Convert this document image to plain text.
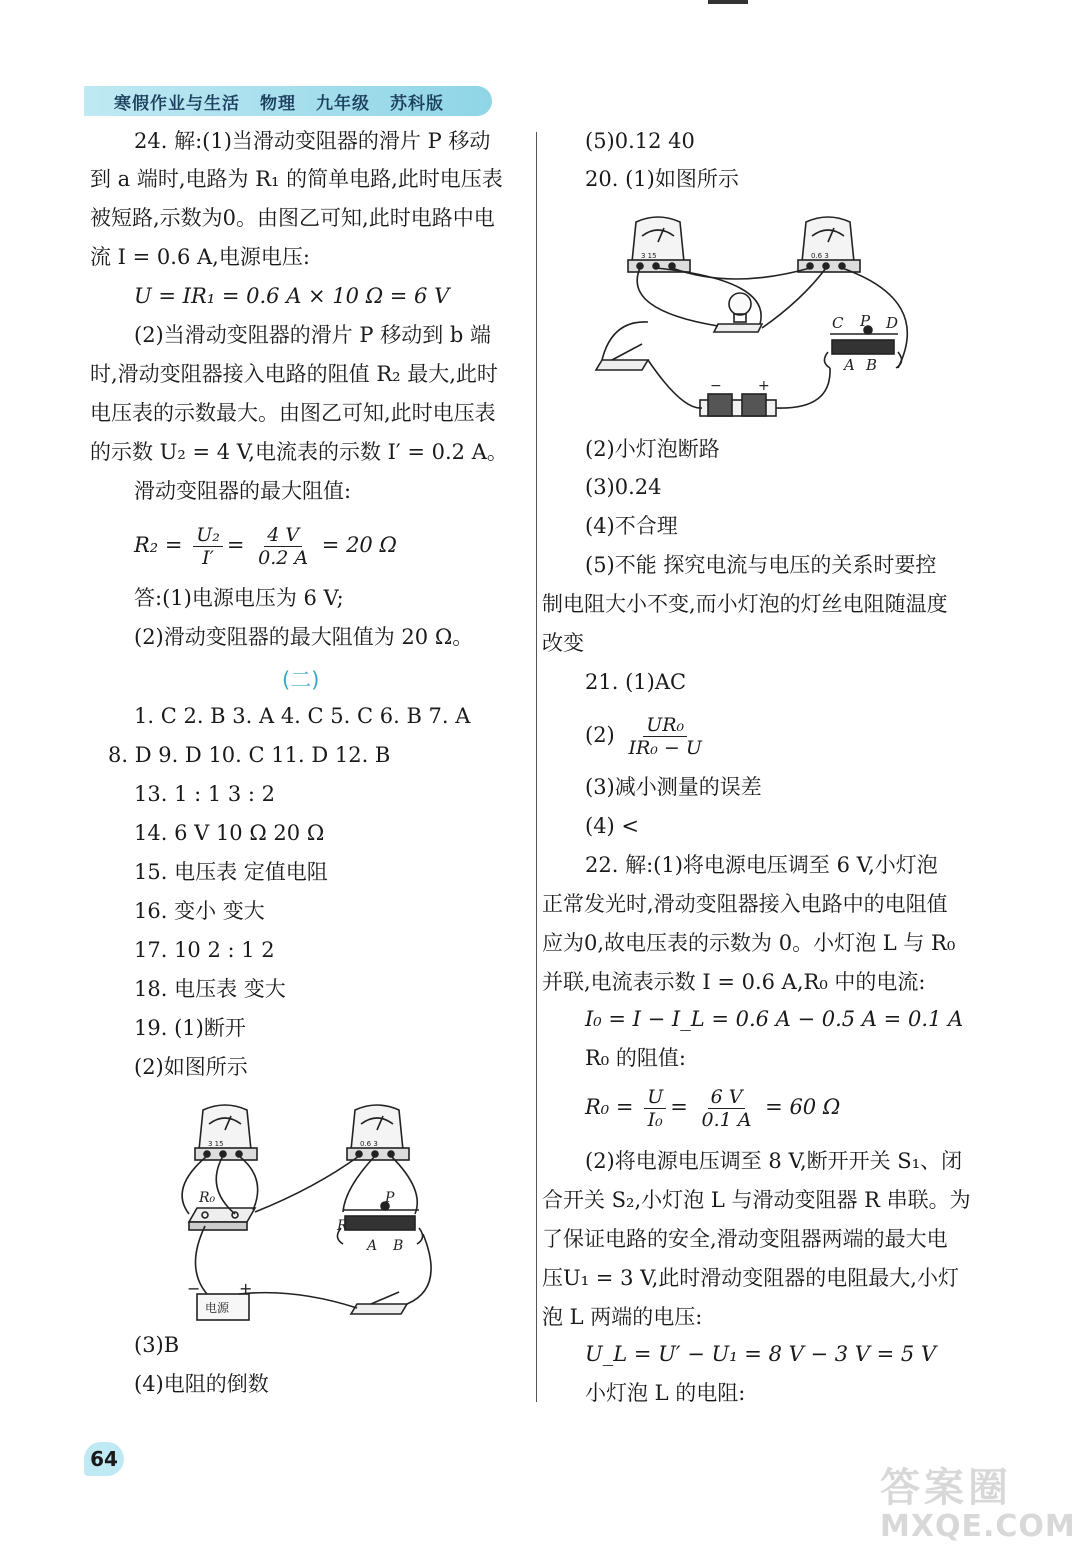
寒假作业与生活 物理 九年级 苏科版
24. 解:(1)当滑动变阻器的滑片 P 移动
到 a 端时,电路为 R₁ 的简单电路,此时电压表
被短路,示数为0。由图乙可知,此时电路中电
流 I = 0.6 A,电源电压:
U = IR₁ = 0.6 A × 10 Ω = 6 V
(2)当滑动变阻器的滑片 P 移动到 b 端
时,滑动变阻器接入电路的阻值 R₂ 最大,此时
电压表的示数最大。由图乙可知,此时电压表
的示数 U₂ = 4 V,电流表的示数 I′ = 0.2 A。
滑动变阻器的最大阻值:
$R_2 = \frac{\text{U₂}}{I'} = \frac{4 V}{0.2 A} = 20$ Ω
答:(1)电源电压为 6 V;
(2)滑动变阻器的最大阻值为 20 Ω。
(二)
1. C 2. B 3. A 4. C 5. C 6. B 7. A
8. D 9. D 10. C 11. D 12. B
13. 1 : 1 3 : 2
14. 6 V 10 Ω 20 Ω
15. 电压表 定值电阻
16. 变小 变大
17. 10 2 : 1 2
18. 电压表 变大
19. (1)断开
(2)如图所示
R₀	P
R
A B
− +
电源
3 15	0.6 3
(3)B
(4)电阻的倒数
(5)0.12 40
20. (1)如图所示
C P D
A B
−	+
3 15	0.6 3
(2)小灯泡断路
(3)0.24
(4)不合理
(5)不能 探究电流与电压的关系时要控
制电阻大小不变,而小灯泡的灯丝电阻随温度
改变
21. (1)AC
$(2) \frac{\text{UR₀}}{\text{IR₀ − U}}$
(3)减小测量的误差
(4) <
22. 解:(1)将电源电压调至 6 V,小灯泡
正常发光时,滑动变阻器接入电路中的电阻值
应为0,故电压表的示数为 0。小灯泡 L 与 R₀
并联,电流表示数 I = 0.6 A,R₀ 中的电流:
I₀ = I − I_L = 0.6 A − 0.5 A = 0.1 A
R₀ 的阻值:
$R_0 = \frac{U}{\text{I₀}} = \frac{6 V}{0.1 A} = 60$ Ω
(2)将电源电压调至 8 V,断开开关 S₁、闭
合开关 S₂,小灯泡 L 与滑动变阻器 R 串联。为
了保证电路的安全,滑动变阻器两端的最大电
压U₁ = 3 V,此时滑动变阻器的电阻最大,小灯
泡 L 两端的电压:
U_L = U′ − U₁ = 8 V − 3 V = 5 V
小灯泡 L 的电阻:
64
答案圈
MXQE.COM
